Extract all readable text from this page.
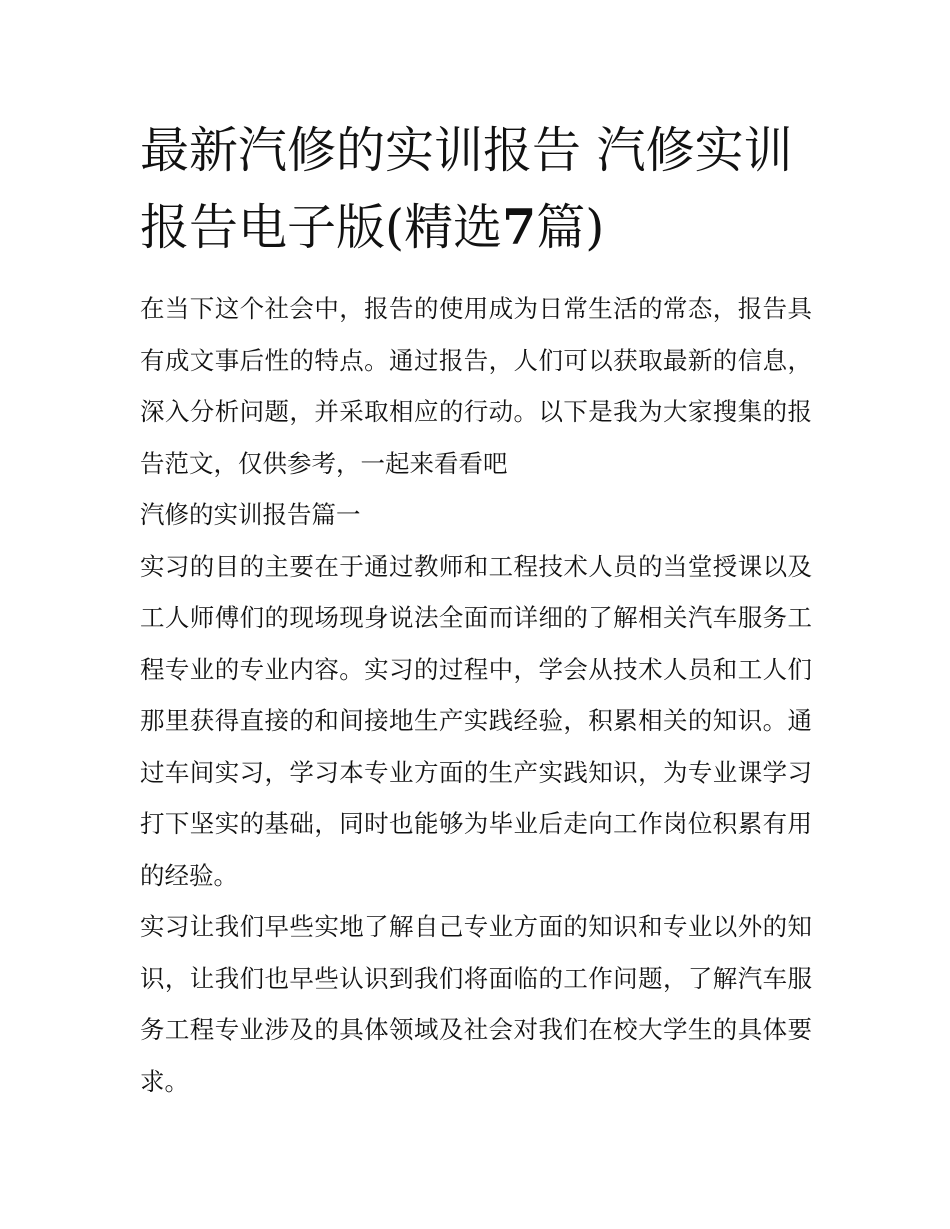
最新汽修的实训报告 汽修实训报告电子版(精选7篇)

在当下这个社会中，报告的使用成为日常生活的常态，报告具有成文事后性的特点。通过报告，人们可以获取最新的信息，深入分析问题，并采取相应的行动。以下是我为大家搜集的报告范文，仅供参考，一起来看看吧

汽修的实训报告篇一

实习的目的主要在于通过教师和工程技术人员的当堂授课以及工人师傅们的现场现身说法全面而详细的了解相关汽车服务工程专业的专业内容。实习的过程中，学会从技术人员和工人们那里获得直接的和间接地生产实践经验，积累相关的知识。通过车间实习，学习本专业方面的生产实践知识，为专业课学习打下坚实的基础，同时也能够为毕业后走向工作岗位积累有用的经验。

实习让我们早些实地了解自己专业方面的知识和专业以外的知识，让我们也早些认识到我们将面临的工作问题，了解汽车服务工程专业涉及的具体领域及社会对我们在校大学生的具体要求。
